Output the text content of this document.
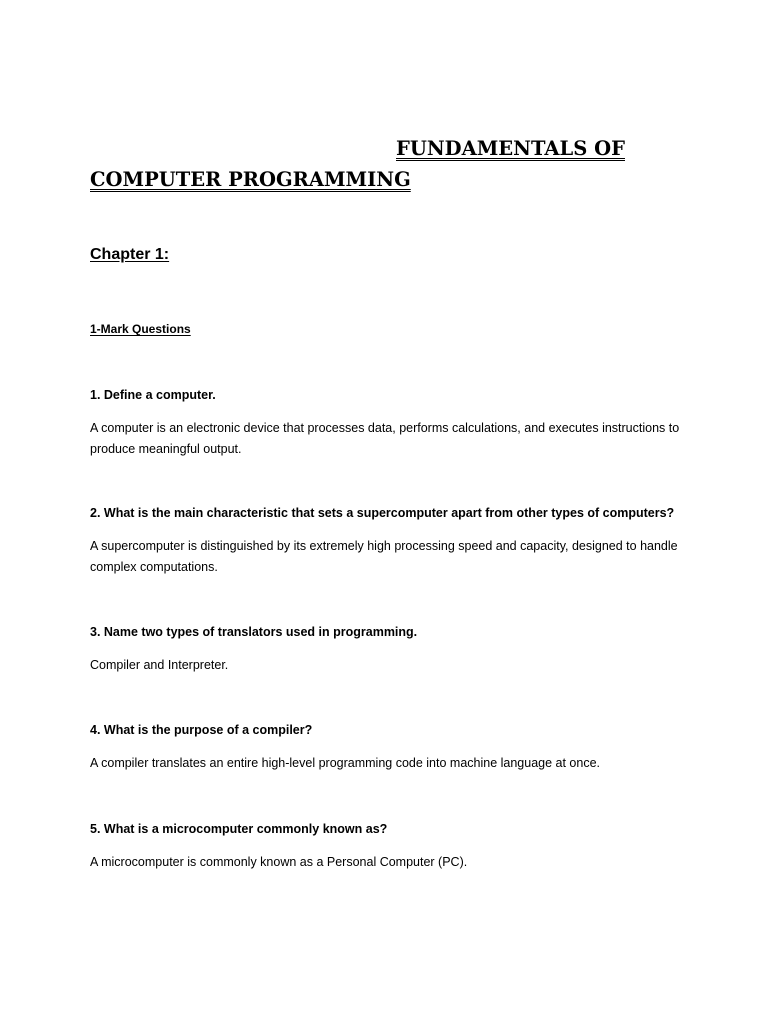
FUNDAMENTALS OF
COMPUTER PROGRAMMING
Chapter 1:
1-Mark Questions
1. Define a computer.
A computer is an electronic device that processes data, performs calculations, and executes instructions to produce meaningful output.
2. What is the main characteristic that sets a supercomputer apart from other types of computers?
A supercomputer is distinguished by its extremely high processing speed and capacity, designed to handle complex computations.
3. Name two types of translators used in programming.
Compiler and Interpreter.
4. What is the purpose of a compiler?
A compiler translates an entire high-level programming code into machine language at once.
5. What is a microcomputer commonly known as?
A microcomputer is commonly known as a Personal Computer (PC).
